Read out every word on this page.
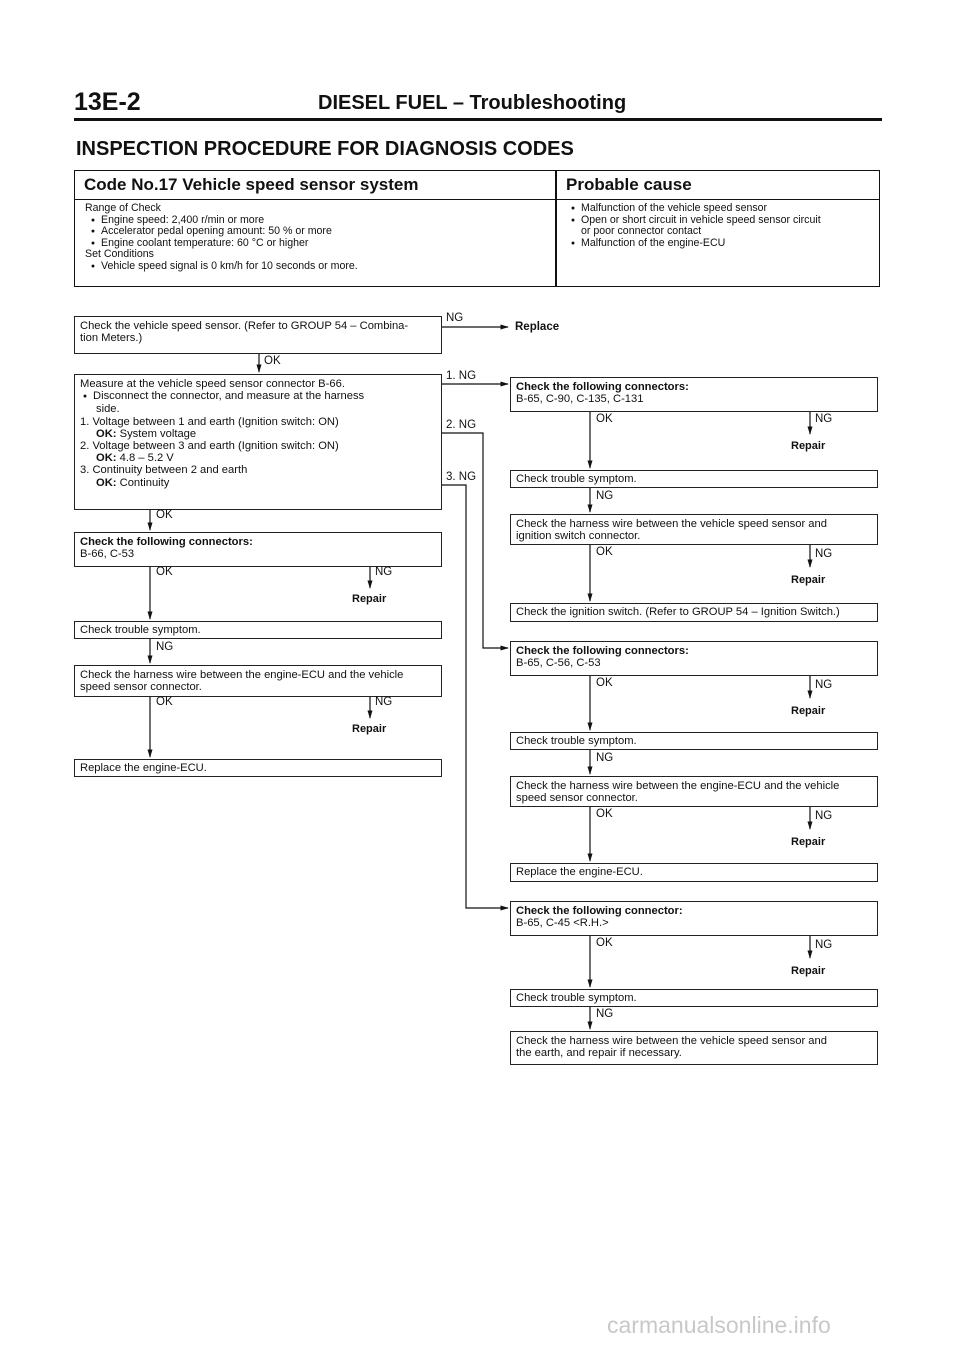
13E-2	DIESEL FUEL – Troubleshooting
INSPECTION PROCEDURE FOR DIAGNOSIS CODES
Code No.17 Vehicle speed sensor system	Probable cause
Range of Check
● Engine speed: 2,400 r/min or more
● Accelerator pedal opening amount: 50 % or more
● Engine coolant temperature: 60 °C or higher
Set Conditions
● Vehicle speed signal is 0 km/h for 10 seconds or more.
● Malfunction of the vehicle speed sensor
● Open or short circuit in vehicle speed sensor circuit
or poor connector contact
● Malfunction of the engine-ECU
Check the vehicle speed sensor. (Refer to GROUP 54 – Combina-
tion Meters.)
NG
Replace
OK
Measure at the vehicle speed sensor connector B-66.
● Disconnect the connector, and measure at the harness
side.
1. Voltage between 1 and earth (Ignition switch: ON)
OK: System voltage
2. Voltage between 3 and earth (Ignition switch: ON)
OK: 4.8 – 5.2 V
3. Continuity between 2 and earth
OK: Continuity
1. NG
2. NG
3. NG
OK
Check the following connectors:
B-66, C-53
OK	NG
Repair
Check trouble symptom.
NG
Check the harness wire between the engine-ECU and the vehicle
speed sensor connector.
OK	NG
Repair
Replace the engine-ECU.
Check the following connectors:
B-65, C-90, C-135, C-131
OK	NG
Repair
Check trouble symptom.
NG
Check the harness wire between the vehicle speed sensor and
ignition switch connector.
OK	NG
Repair
Check the ignition switch. (Refer to GROUP 54 – Ignition Switch.)
Check the following connectors:
B-65, C-56, C-53
OK	NG
Repair
Check trouble symptom.
NG
Check the harness wire between the engine-ECU and the vehicle
speed sensor connector.
OK	NG
Repair
Replace the engine-ECU.
Check the following connector:
B-65, C-45 <R.H.>
OK	NG
Repair
Check trouble symptom.
NG
Check the harness wire between the vehicle speed sensor and
the earth, and repair if necessary.
carmanualsonline.info
